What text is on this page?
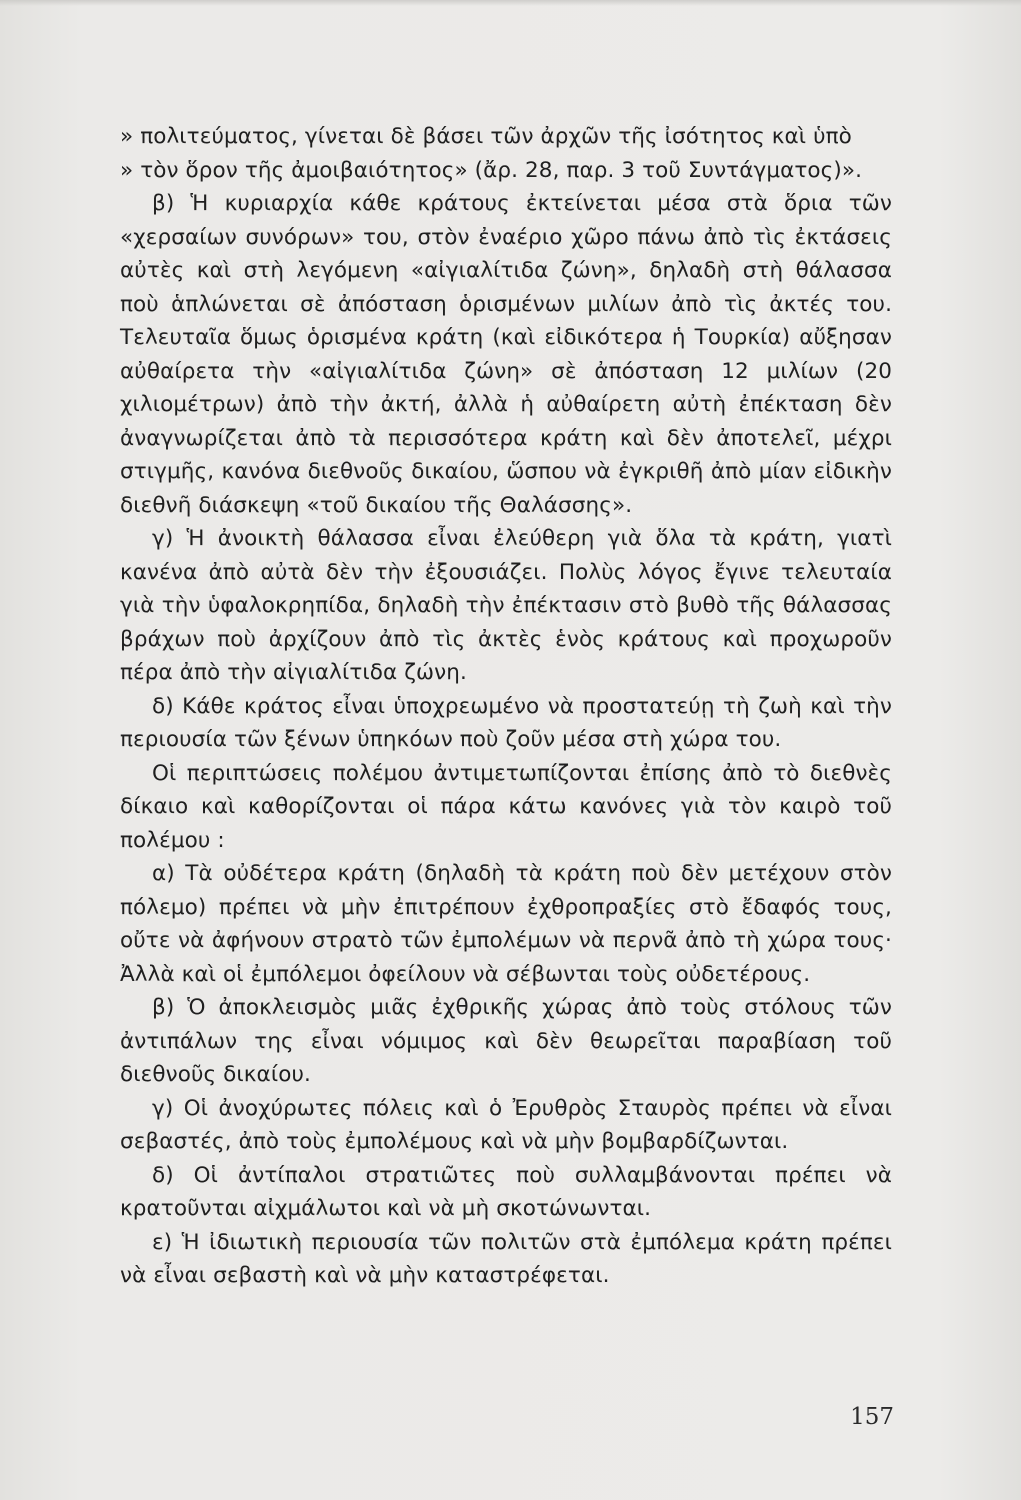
» πολιτεύματος, γίνεται δὲ βάσει τῶν ἀρχῶν τῆς ἰσότητος καὶ ὑπὸ

» τὸν ὅρον τῆς ἀμοιβαιότητος» (ἄρ. 28, παρ. 3 τοῦ Συντάγματος)».

β) Ἡ κυριαρχία κάθε κράτους ἐκτείνεται μέσα στὰ ὅρια τῶν «χερσαίων συνόρων» του, στὸν ἐναέριο χῶρο πάνω ἀπὸ τὶς ἐκτάσεις αὐτὲς καὶ στὴ λεγόμενη «αἰγιαλίτιδα ζώνη», δηλαδὴ στὴ θάλασσα ποὺ ἁπλώνεται σὲ ἀπόσταση ὁρισμένων μιλίων ἀπὸ τὶς ἀκτές του. Τελευταῖα ὅμως ὁρισμένα κράτη (καὶ εἰδικότερα ἡ Τουρκία) αὔξησαν αὐθαίρετα τὴν «αἰγιαλίτιδα ζώνη» σὲ ἀπόσταση 12 μιλίων (20 χιλιομέτρων) ἀπὸ τὴν ἀκτή, ἀλλὰ ἡ αὐθαίρετη αὐτὴ ἐπέκταση δὲν ἀναγνωρίζεται ἀπὸ τὰ περισσότερα κράτη καὶ δὲν ἀποτελεῖ, μέχρι στιγμῆς, κανόνα διεθνοῦς δικαίου, ὥσπου νὰ ἐγκριθῆ ἀπὸ μίαν εἰδικὴν διεθνῆ διάσκεψη «τοῦ δικαίου τῆς Θαλάσσης».

γ) Ἡ ἀνοικτὴ θάλασσα εἶναι ἐλεύθερη γιὰ ὅλα τὰ κράτη, γιατὶ κανένα ἀπὸ αὐτὰ δὲν τὴν ἐξουσιάζει. Πολὺς λόγος ἔγινε τελευταία γιὰ τὴν ὑφαλοκρηπίδα, δηλαδὴ τὴν ἐπέκτασιν στὸ βυθὸ τῆς θάλασσας βράχων ποὺ ἀρχίζουν ἀπὸ τὶς ἀκτὲς ἑνὸς κράτους καὶ προχωροῦν πέρα ἀπὸ τὴν αἰγιαλίτιδα ζώνη.

δ) Κάθε κράτος εἶναι ὑποχρεωμένο νὰ προστατεύῃ τὴ ζωὴ καὶ τὴν περιουσία τῶν ξένων ὑπηκόων ποὺ ζοῦν μέσα στὴ χώρα του.

Οἱ περιπτώσεις πολέμου ἀντιμετωπίζονται ἐπίσης ἀπὸ τὸ διεθνὲς δίκαιο καὶ καθορίζονται οἱ πάρα κάτω κανόνες γιὰ τὸν καιρὸ τοῦ πολέμου :

α) Τὰ οὐδέτερα κράτη (δηλαδὴ τὰ κράτη ποὺ δὲν μετέχουν στὸν πόλεμο) πρέπει νὰ μὴν ἐπιτρέπουν ἐχθροπραξίες στὸ ἔδαφός τους, οὔτε νὰ ἀφήνουν στρατὸ τῶν ἐμπολέμων νὰ περνᾶ ἀπὸ τὴ χώρα τους· Ἀλλὰ καὶ οἱ ἐμπόλεμοι ὀφείλουν νὰ σέβωνται τοὺς οὐδετέρους.

β) Ὁ ἀποκλεισμὸς μιᾶς ἐχθρικῆς χώρας ἀπὸ τοὺς στόλους τῶν ἀντιπάλων της εἶναι νόμιμος καὶ δὲν θεωρεῖται παραβίαση τοῦ διεθνοῦς δικαίου.

γ) Οἱ ἀνοχύρωτες πόλεις καὶ ὁ Ἐρυθρὸς Σταυρὸς πρέπει νὰ εἶναι σεβαστές, ἀπὸ τοὺς ἐμπολέμους καὶ νὰ μὴν βομβαρδίζωνται.

δ) Οἱ ἀντίπαλοι στρατιῶτες ποὺ συλλαμβάνονται πρέπει νὰ κρατοῦνται αἰχμάλωτοι καὶ νὰ μὴ σκοτώνωνται.

ε) Ἡ ἰδιωτικὴ περιουσία τῶν πολιτῶν στὰ ἐμπόλεμα κράτη πρέπει νὰ εἶναι σεβαστὴ καὶ νὰ μὴν καταστρέφεται.

157
